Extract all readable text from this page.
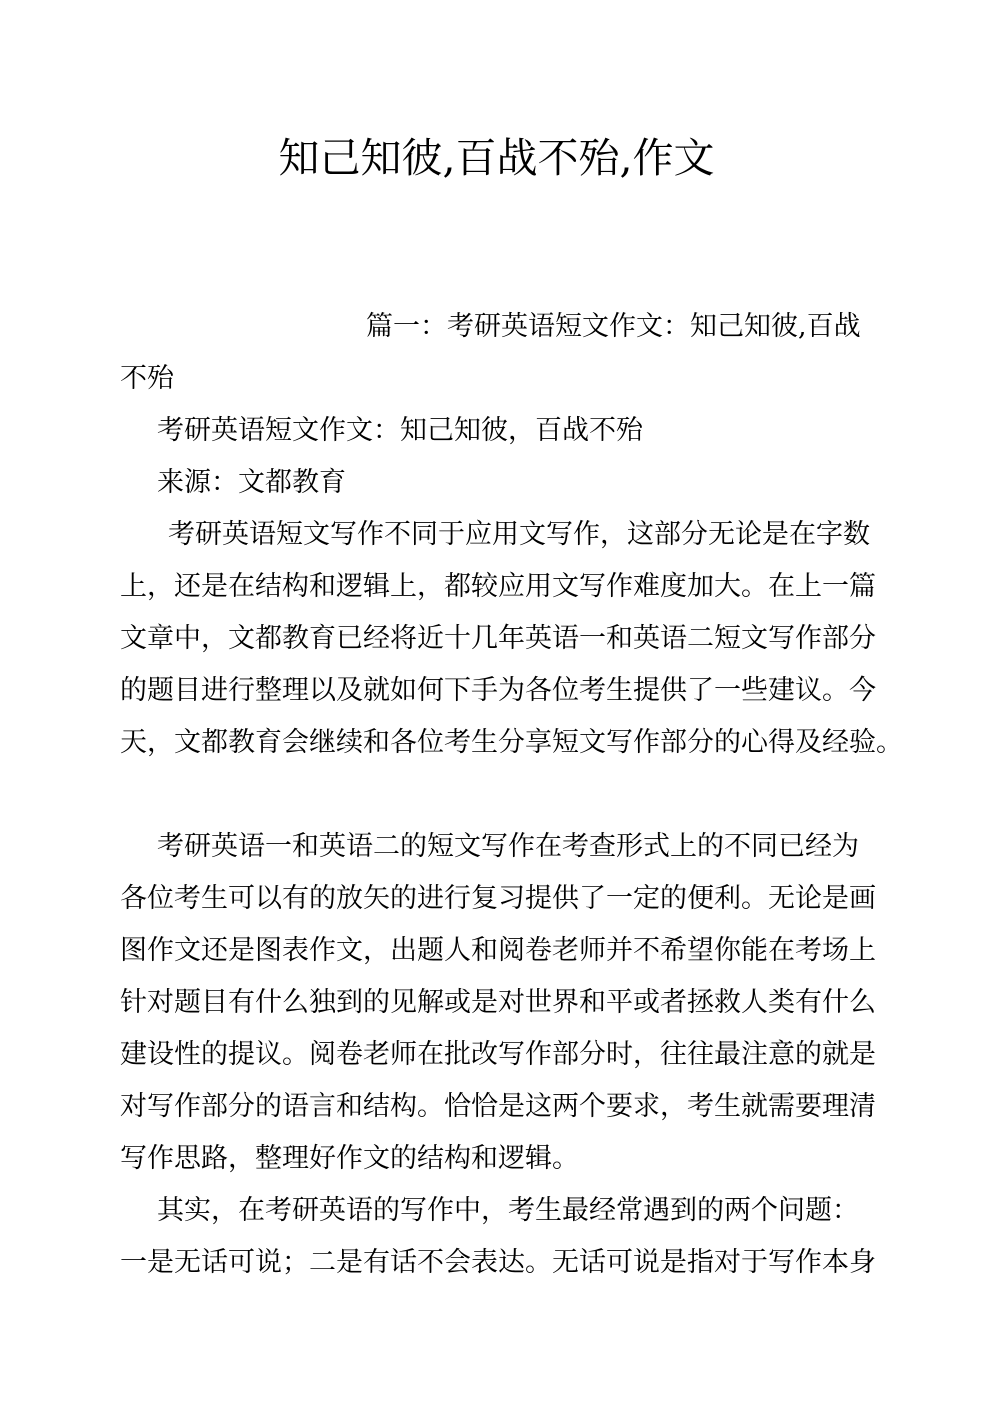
知己知彼,百战不殆,作文
篇一：考研英语短文作文：知己知彼,百战
不殆
考研英语短文作文：知己知彼，百战不殆
来源：文都教育
考研英语短文写作不同于应用文写作，这部分无论是在字数
上，还是在结构和逻辑上，都较应用文写作难度加大。在上一篇
文章中，文都教育已经将近十几年英语一和英语二短文写作部分
的题目进行整理以及就如何下手为各位考生提供了一些建议。今
天，文都教育会继续和各位考生分享短文写作部分的心得及经验。
考研英语一和英语二的短文写作在考查形式上的不同已经为
各位考生可以有的放矢的进行复习提供了一定的便利。无论是画
图作文还是图表作文，出题人和阅卷老师并不希望你能在考场上
针对题目有什么独到的见解或是对世界和平或者拯救人类有什么
建设性的提议。阅卷老师在批改写作部分时，往往最注意的就是
对写作部分的语言和结构。恰恰是这两个要求，考生就需要理清
写作思路，整理好作文的结构和逻辑。
其实，在考研英语的写作中，考生最经常遇到的两个问题：
一是无话可说；二是有话不会表达。无话可说是指对于写作本身
